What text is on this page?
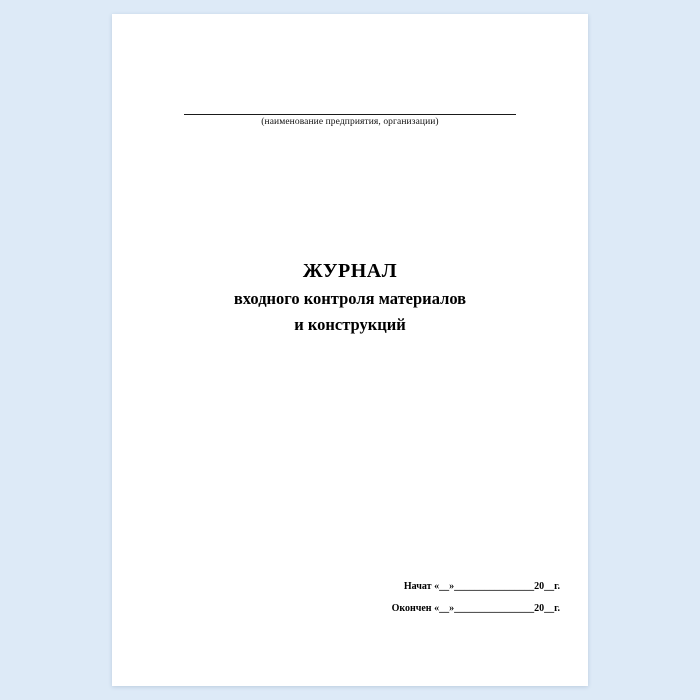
(наименование предприятия, организации)
ЖУРНАЛ
входного контроля материалов
и конструкций
Начат «__»________________20__г.
Окончен «__»________________20__г.
